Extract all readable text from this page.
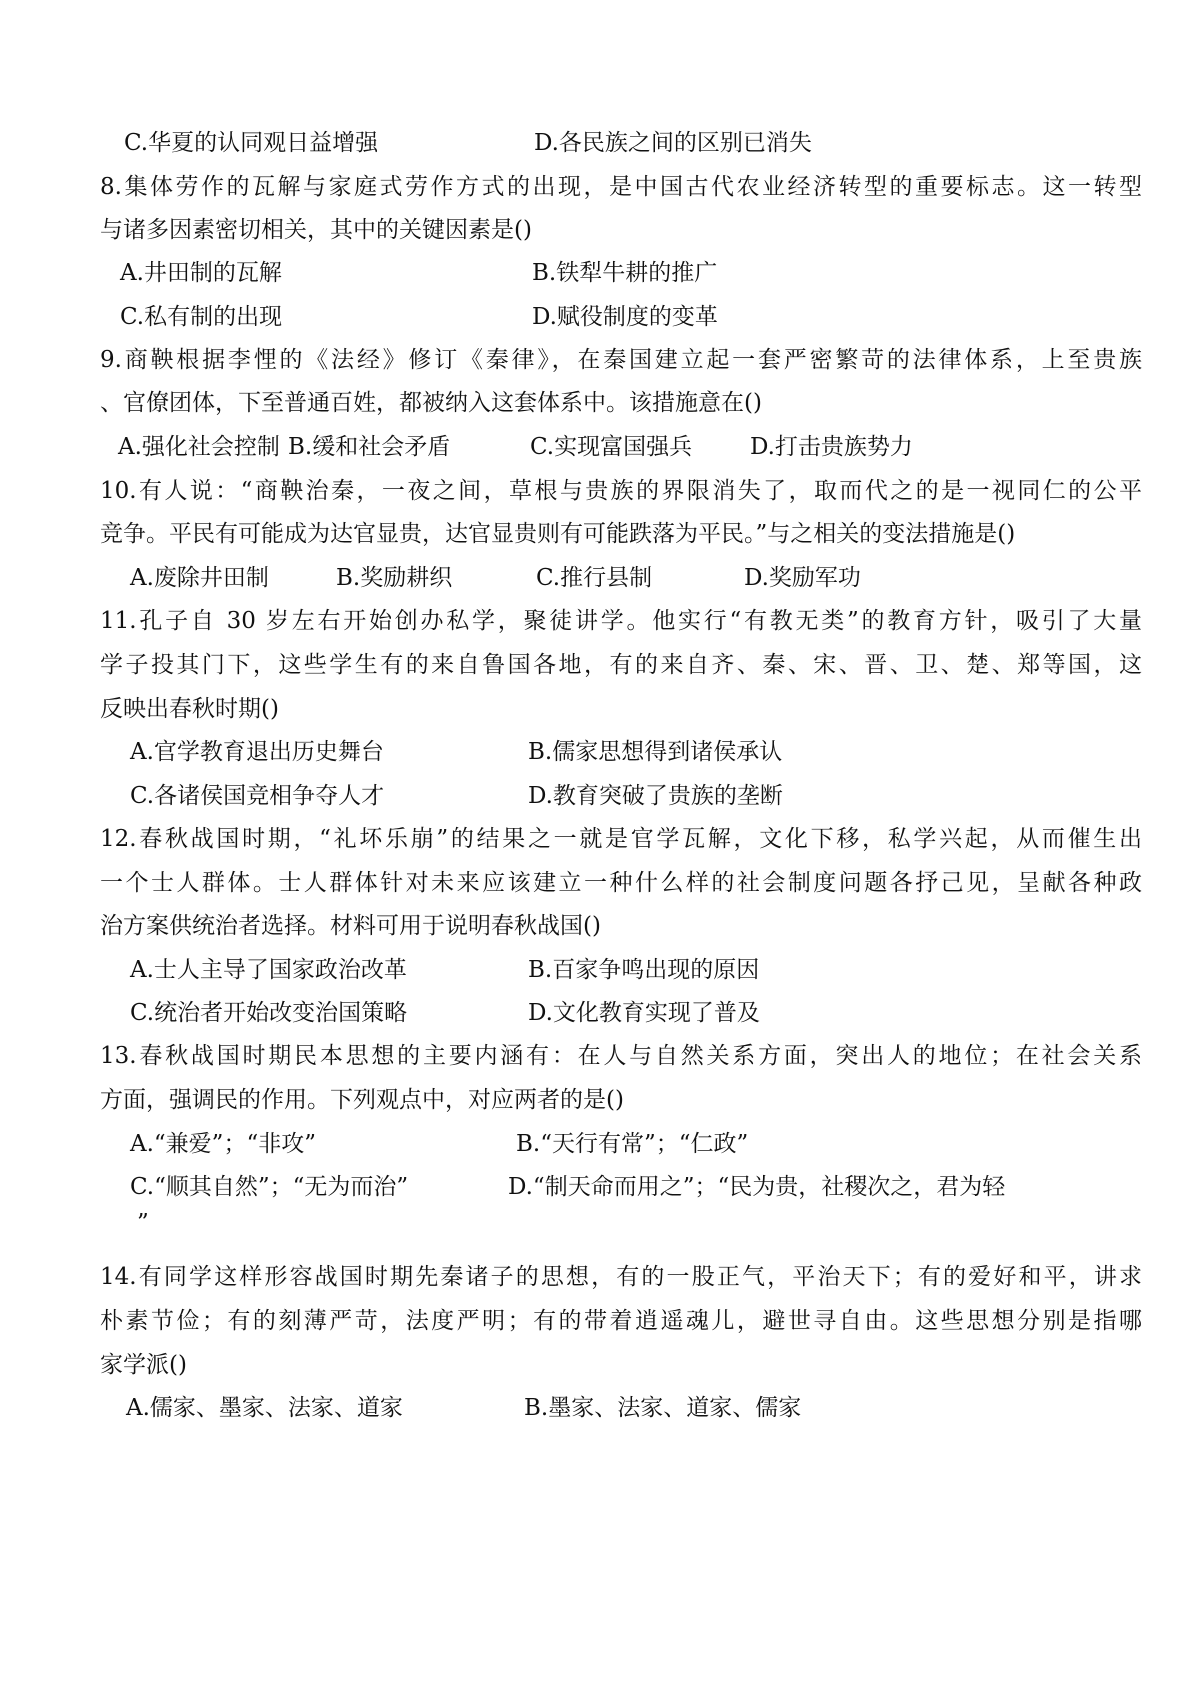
C.华夏的认同观日益增强	D.各民族之间的区别已消失
8.集体劳作的瓦解与家庭式劳作方式的出现，是中国古代农业经济转型的重要标志。这一转型
与诸多因素密切相关，其中的关键因素是()
A.井田制的瓦解	B.铁犁牛耕的推广
C.私有制的出现	D.赋役制度的变革
9.商鞅根据李悝的《法经》修订《秦律》，在秦国建立起一套严密繁苛的法律体系，上至贵族
、官僚团体，下至普通百姓，都被纳入这套体系中。该措施意在()
A.强化社会控制 B.缓和社会矛盾	C.实现富国强兵	D.打击贵族势力
10.有人说：“商鞅治秦，一夜之间，草根与贵族的界限消失了，取而代之的是一视同仁的公平
竞争。平民有可能成为达官显贵，达官显贵则有可能跌落为平民。”与之相关的变法措施是()
A.废除井田制	B.奖励耕织	C.推行县制	D.奖励军功
11.孔子自 30 岁左右开始创办私学，聚徒讲学。他实行“有教无类”的教育方针，吸引了大量
学子投其门下，这些学生有的来自鲁国各地，有的来自齐、秦、宋、晋、卫、楚、郑等国，这
反映出春秋时期()
A.官学教育退出历史舞台	B.儒家思想得到诸侯承认
C.各诸侯国竞相争夺人才	D.教育突破了贵族的垄断
12.春秋战国时期，“礼坏乐崩”的结果之一就是官学瓦解，文化下移，私学兴起，从而催生出
一个士人群体。士人群体针对未来应该建立一种什么样的社会制度问题各抒己见，呈献各种政
治方案供统治者选择。材料可用于说明春秋战国()
A.士人主导了国家政治改革	B.百家争鸣出现的原因
C.统治者开始改变治国策略	D.文化教育实现了普及
13.春秋战国时期民本思想的主要内涵有：在人与自然关系方面，突出人的地位；在社会关系
方面，强调民的作用。下列观点中，对应两者的是()
A.“兼爱”；“非攻”	B.“天行有常”；“仁政”
C.“顺其自然”；“无为而治”	D.“制天命而用之”；“民为贵，社稷次之，君为轻
”
14.有同学这样形容战国时期先秦诸子的思想，有的一股正气，平治天下；有的爱好和平，讲求
朴素节俭；有的刻薄严苛，法度严明；有的带着逍遥魂儿，避世寻自由。这些思想分别是指哪
家学派()
A.儒家、墨家、法家、道家	B.墨家、法家、道家、儒家
